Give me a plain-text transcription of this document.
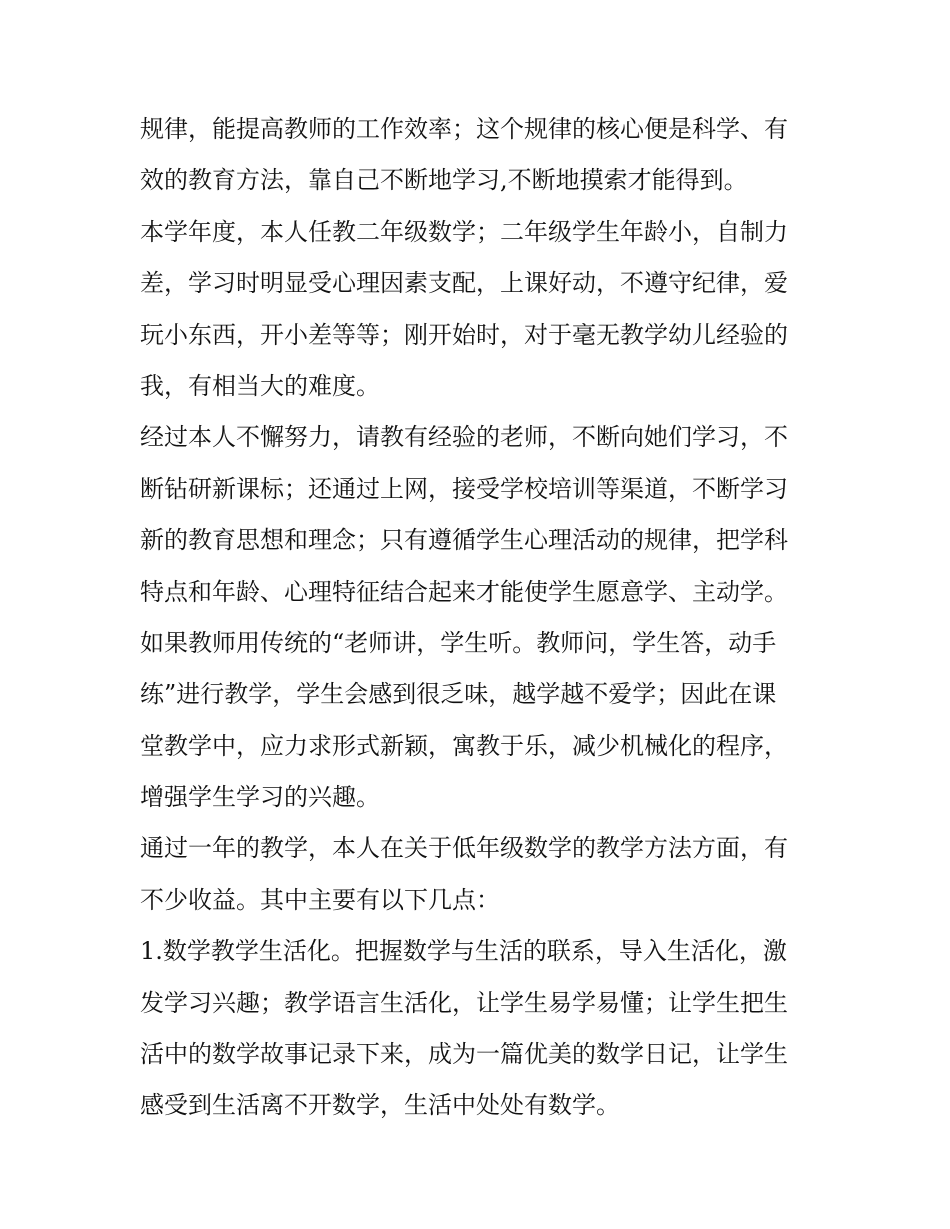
规律，能提高教师的工作效率；这个规律的核心便是科学、有
效的教育方法，靠自己不断地学习,不断地摸索才能得到。
本学年度，本人任教二年级数学；二年级学生年龄小，自制力
差，学习时明显受心理因素支配，上课好动，不遵守纪律，爱
玩小东西，开小差等等；刚开始时，对于毫无教学幼儿经验的
我，有相当大的难度。
经过本人不懈努力，请教有经验的老师，不断向她们学习，不
断钻研新课标；还通过上网，接受学校培训等渠道，不断学习
新的教育思想和理念；只有遵循学生心理活动的规律，把学科
特点和年龄、心理特征结合起来才能使学生愿意学、主动学。
如果教师用传统的“老师讲，学生听。教师问，学生答，动手
练”进行教学，学生会感到很乏味，越学越不爱学；因此在课
堂教学中，应力求形式新颖，寓教于乐，减少机械化的程序，
增强学生学习的兴趣。
通过一年的教学，本人在关于低年级数学的教学方法方面，有
不少收益。其中主要有以下几点：
1.数学教学生活化。把握数学与生活的联系，导入生活化，激
发学习兴趣；教学语言生活化，让学生易学易懂；让学生把生
活中的数学故事记录下来，成为一篇优美的数学日记，让学生
感受到生活离不开数学，生活中处处有数学。
